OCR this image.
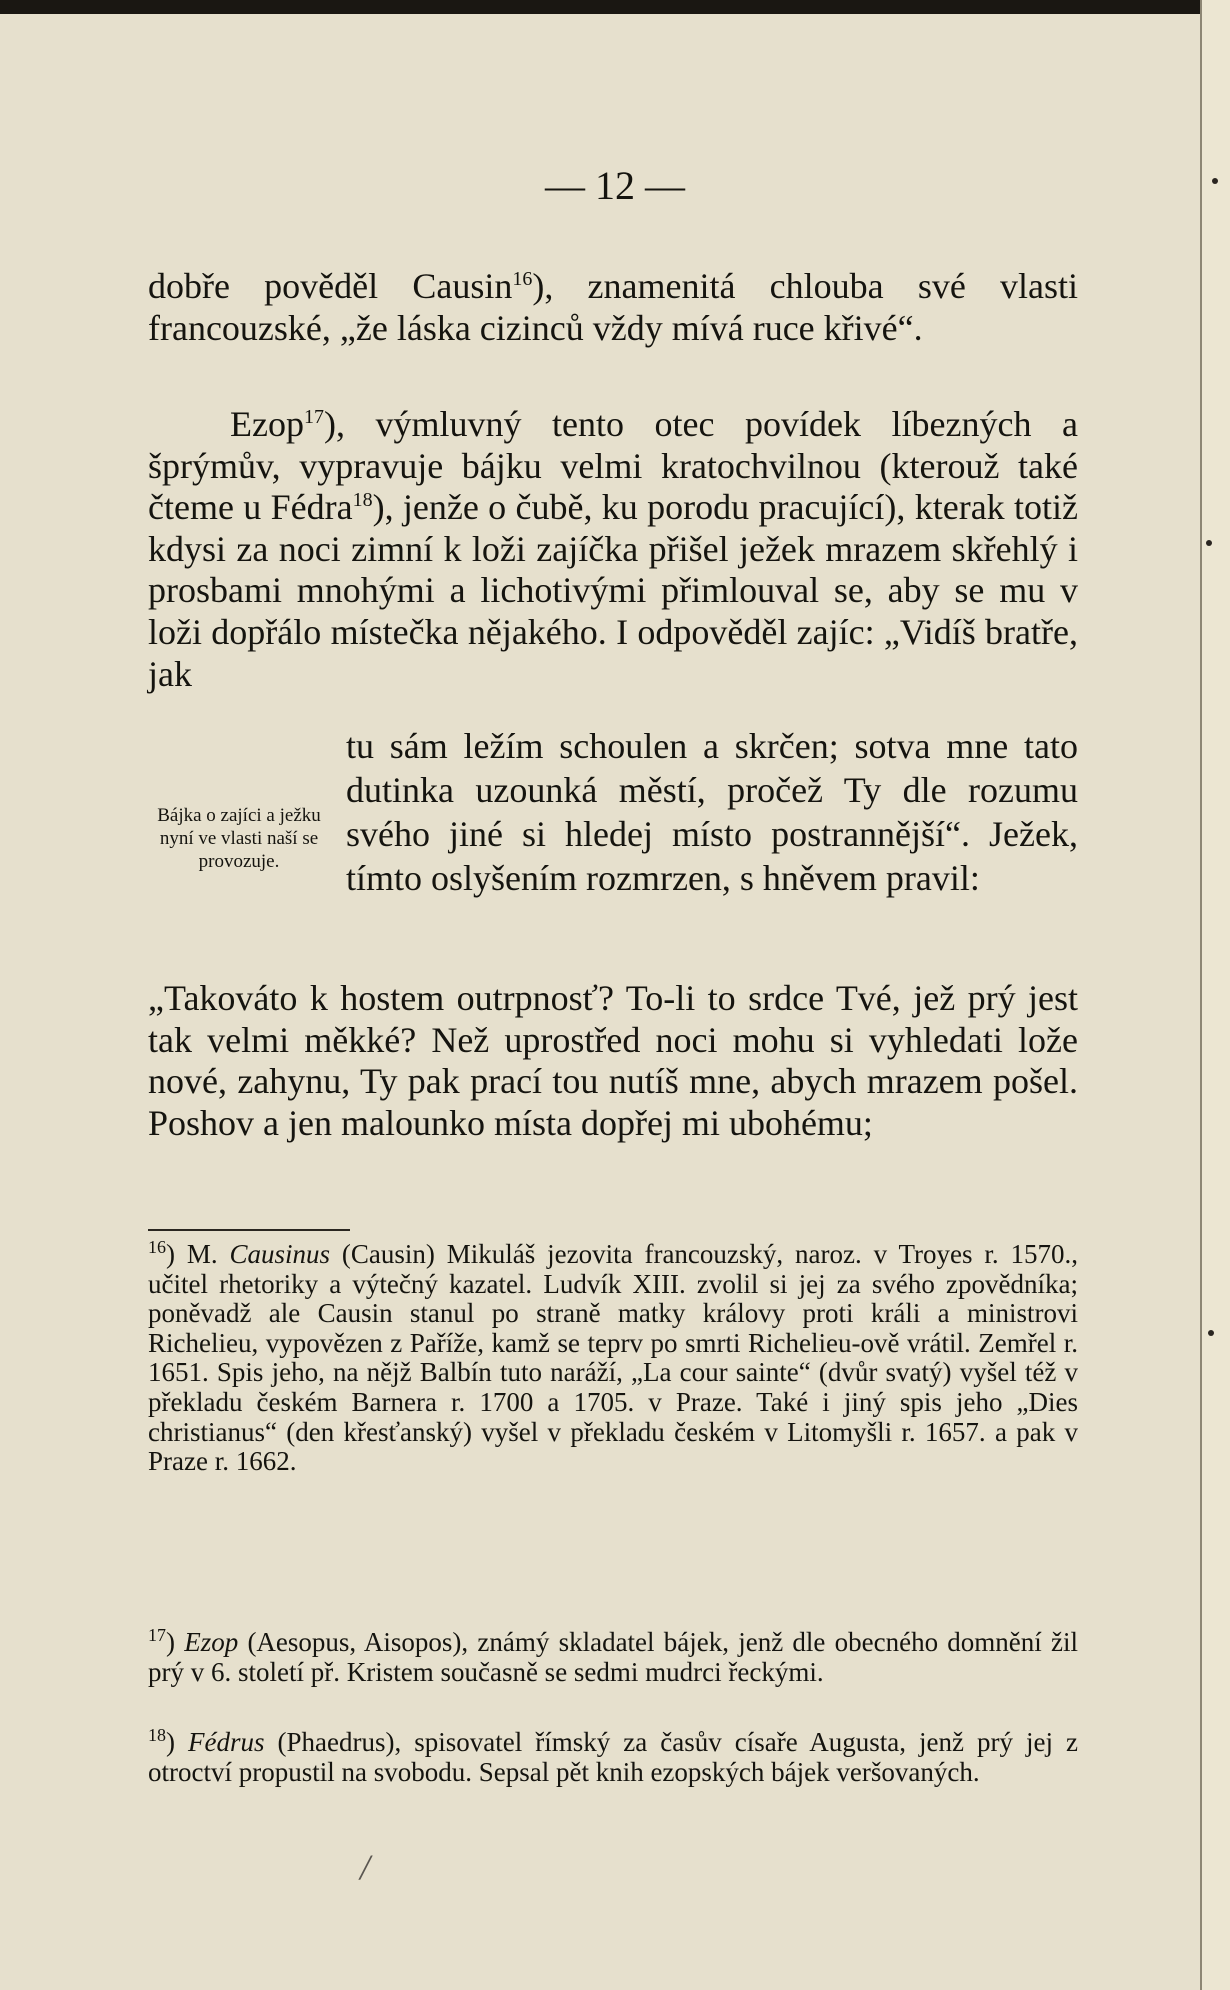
— 12 —

dobře pověděl Causin$^{16}$), znamenitá chlouba své vlasti francouzské, „že láska cizinců vždy mívá ruce křivé“.

Ezop$^{17}$), výmluvný tento otec povídek líbezných a šprýmův, vypravuje bájku velmi kratochvilnou (kterouž také čteme u Fédra$^{18}$), jenže o čubě, ku porodu pracující), kterak totiž kdysi za noci zimní k loži zajíčka přišel ježek mrazem skřehlý i prosbami mnohými a lichotivými přimlouval se, aby se mu v loži dopřálo místečka nějakého. I odpověděl zajíc: „Vidíš bratře, jak

Bájka o zajíci a ježku nyní ve vlasti naší se provozuje.
tu sám ležím schoulen a skrčen; sotva mne tato dutinka uzounká městí, pročež Ty dle rozumu svého jiné si hledej místo postrannější“. Ježek, tímto oslyšením rozmrzen, s hněvem pravil:

„Takováto k hostem outrpnosť? To-li to srdce Tvé, jež prý jest tak velmi měkké? Než uprostřed noci mohu si vyhledati lože nové, zahynu, Ty pak prací tou nutíš mne, abych mrazem pošel. Poshov a jen malounko místa dopřej mi ubohému;

$^{16}$) M. Causinus (Causin) Mikuláš jezovita francouzský, naroz. v Troyes r. 1570., učitel rhetoriky a výtečný kazatel. Ludvík XIII. zvolil si jej za svého zpovědníka; poněvadž ale Causin stanul po straně matky královy proti králi a ministrovi Richelieu, vypovězen z Paříže, kamž se teprv po smrti Richelieu-ově vrátil. Zemřel r. 1651. Spis jeho, na nějž Balbín tuto naráží, „La cour sainte“ (dvůr svatý) vyšel též v překladu českém Barnera r. 1700 a 1705. v Praze. Také i jiný spis jeho „Dies christianus“ (den křesťanský) vyšel v překladu českém v Litomyšli r. 1657. a pak v Praze r. 1662.

$^{17}$) Ezop (Aesopus, Aisopos), známý skladatel bájek, jenž dle obecného domnění žil prý v 6. století př. Kristem současně se sedmi mudrci řeckými.

$^{18}$) Fédrus (Phaedrus), spisovatel římský za časův císaře Augusta, jenž prý jej z otroctví propustil na svobodu. Sepsal pět knih ezopských bájek veršovaných.

/
